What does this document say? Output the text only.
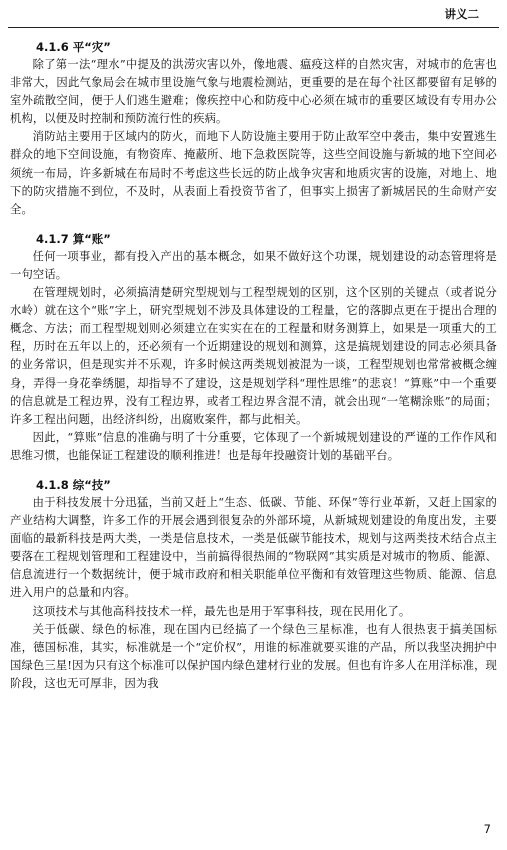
讲义二
4.1.6 平“灾”

除了第一法“理水”中提及的洪涝灾害以外，像地震、瘟疫这样的自然灾害，对城市的危害也非常大，因此气象局会在城市里设施气象与地震检测站，更重要的是在每个社区都要留有足够的室外疏散空间，便于人们逃生避难；像疾控中心和防疫中心必须在城市的重要区域设有专用办公机构，以便及时控制和预防流行性的疾病。

消防站主要用于区域内的防火，而地下人防设施主要用于防止敌军空中袭击，集中安置逃生群众的地下空间设施，有物资库、掩蔽所、地下急救医院等，这些空间设施与新城的地下空间必须统一布局，许多新城在布局时不考虑这些长远的防止战争灾害和地质灾害的设施，对地上、地下的防灾措施不到位，不及时，从表面上看投资节省了，但事实上损害了新城居民的生命财产安全。

4.1.7 算“账”

任何一项事业，都有投入产出的基本概念，如果不做好这个功课，规划建设的动态管理将是一句空话。

在管理规划时，必须搞清楚研究型规划与工程型规划的区别，这个区别的关键点（或者说分水岭）就在这个“账”字上，研究型规划不涉及具体建设的工程量，它的落脚点更在于提出合理的概念、方法；而工程型规划则必须建立在实实在在的工程量和财务测算上，如果是一项重大的工程，历时在五年以上的，还必须有一个近期建设的规划和测算，这是搞规划建设的同志必须具备的业务常识，但是现实并不乐观，许多时候这两类规划被混为一谈，工程型规划也常常被概念缠身，弄得一身花拳绣腿，却指导不了建设，这是规划学科“理性思维”的悲哀！“算账”中一个重要的信息就是工程边界，没有工程边界，或者工程边界含混不清，就会出现“一笔糊涂账”的局面；许多工程出问题，出经济纠纷，出腐败案件，都与此相关。

因此，“算账”信息的准确与明了十分重要，它体现了一个新城规划建设的严谨的工作作风和思维习惯，也能保证工程建设的顺利推进！也是每年投融资计划的基础平台。

4.1.8 综“技”

由于科技发展十分迅猛，当前又赶上“生态、低碳、节能、环保”等行业革新，又赶上国家的产业结构大调整，许多工作的开展会遇到很复杂的外部环境，从新城规划建设的角度出发，主要面临的最新科技是两大类，一类是信息技术，一类是低碳节能技术，规划与这两类技术结合点主要落在工程规划管理和工程建设中，当前搞得很热闹的“物联网”其实质是对城市的物质、能源、信息流进行一个数据统计，便于城市政府和相关职能单位平衡和有效管理这些物质、能源、信息进入用户的总量和内容。

这项技术与其他高科技技术一样，最先也是用于军事科技，现在民用化了。

关于低碳、绿色的标准，现在国内已经搞了一个绿色三星标准，也有人很热衷于搞美国标准，德国标准，其实，标准就是一个“定价权”，用谁的标准就要买谁的产品，所以我坚决拥护中国绿色三星!因为只有这个标准可以保护国内绿色建材行业的发展。但也有许多人在用洋标准，现阶段，这也无可厚非，因为我

7
